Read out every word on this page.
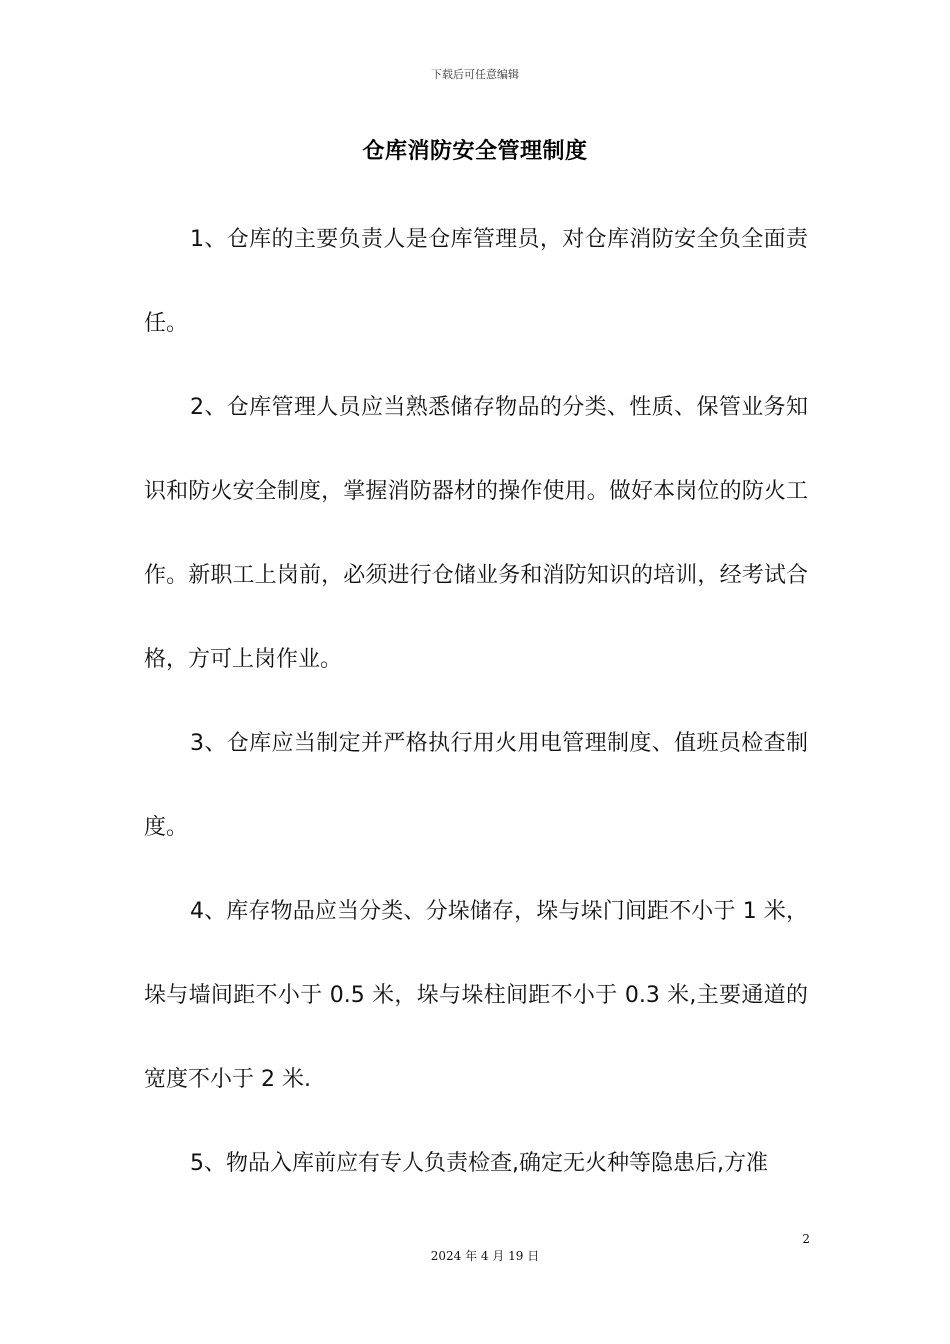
下载后可任意编辑
仓库消防安全管理制度

1、仓库的主要负责人是仓库管理员，对仓库消防安全负全面责任。

2、仓库管理人员应当熟悉储存物品的分类、性质、保管业务知识和防火安全制度，掌握消防器材的操作使用。做好本岗位的防火工作。新职工上岗前，必须进行仓储业务和消防知识的培训，经考试合格，方可上岗作业。

3、仓库应当制定并严格执行用火用电管理制度、值班员检查制度。

4、库存物品应当分类、分垛储存，垛与垛门间距不小于 1 米，垛与墙间距不小于 0.5 米，垛与垛柱间距不小于 0.3 米,主要通道的宽度不小于 2 米.

5、物品入库前应有专人负责检查,确定无火种等隐患后,方准

2
2024 年 4 月 19 日
